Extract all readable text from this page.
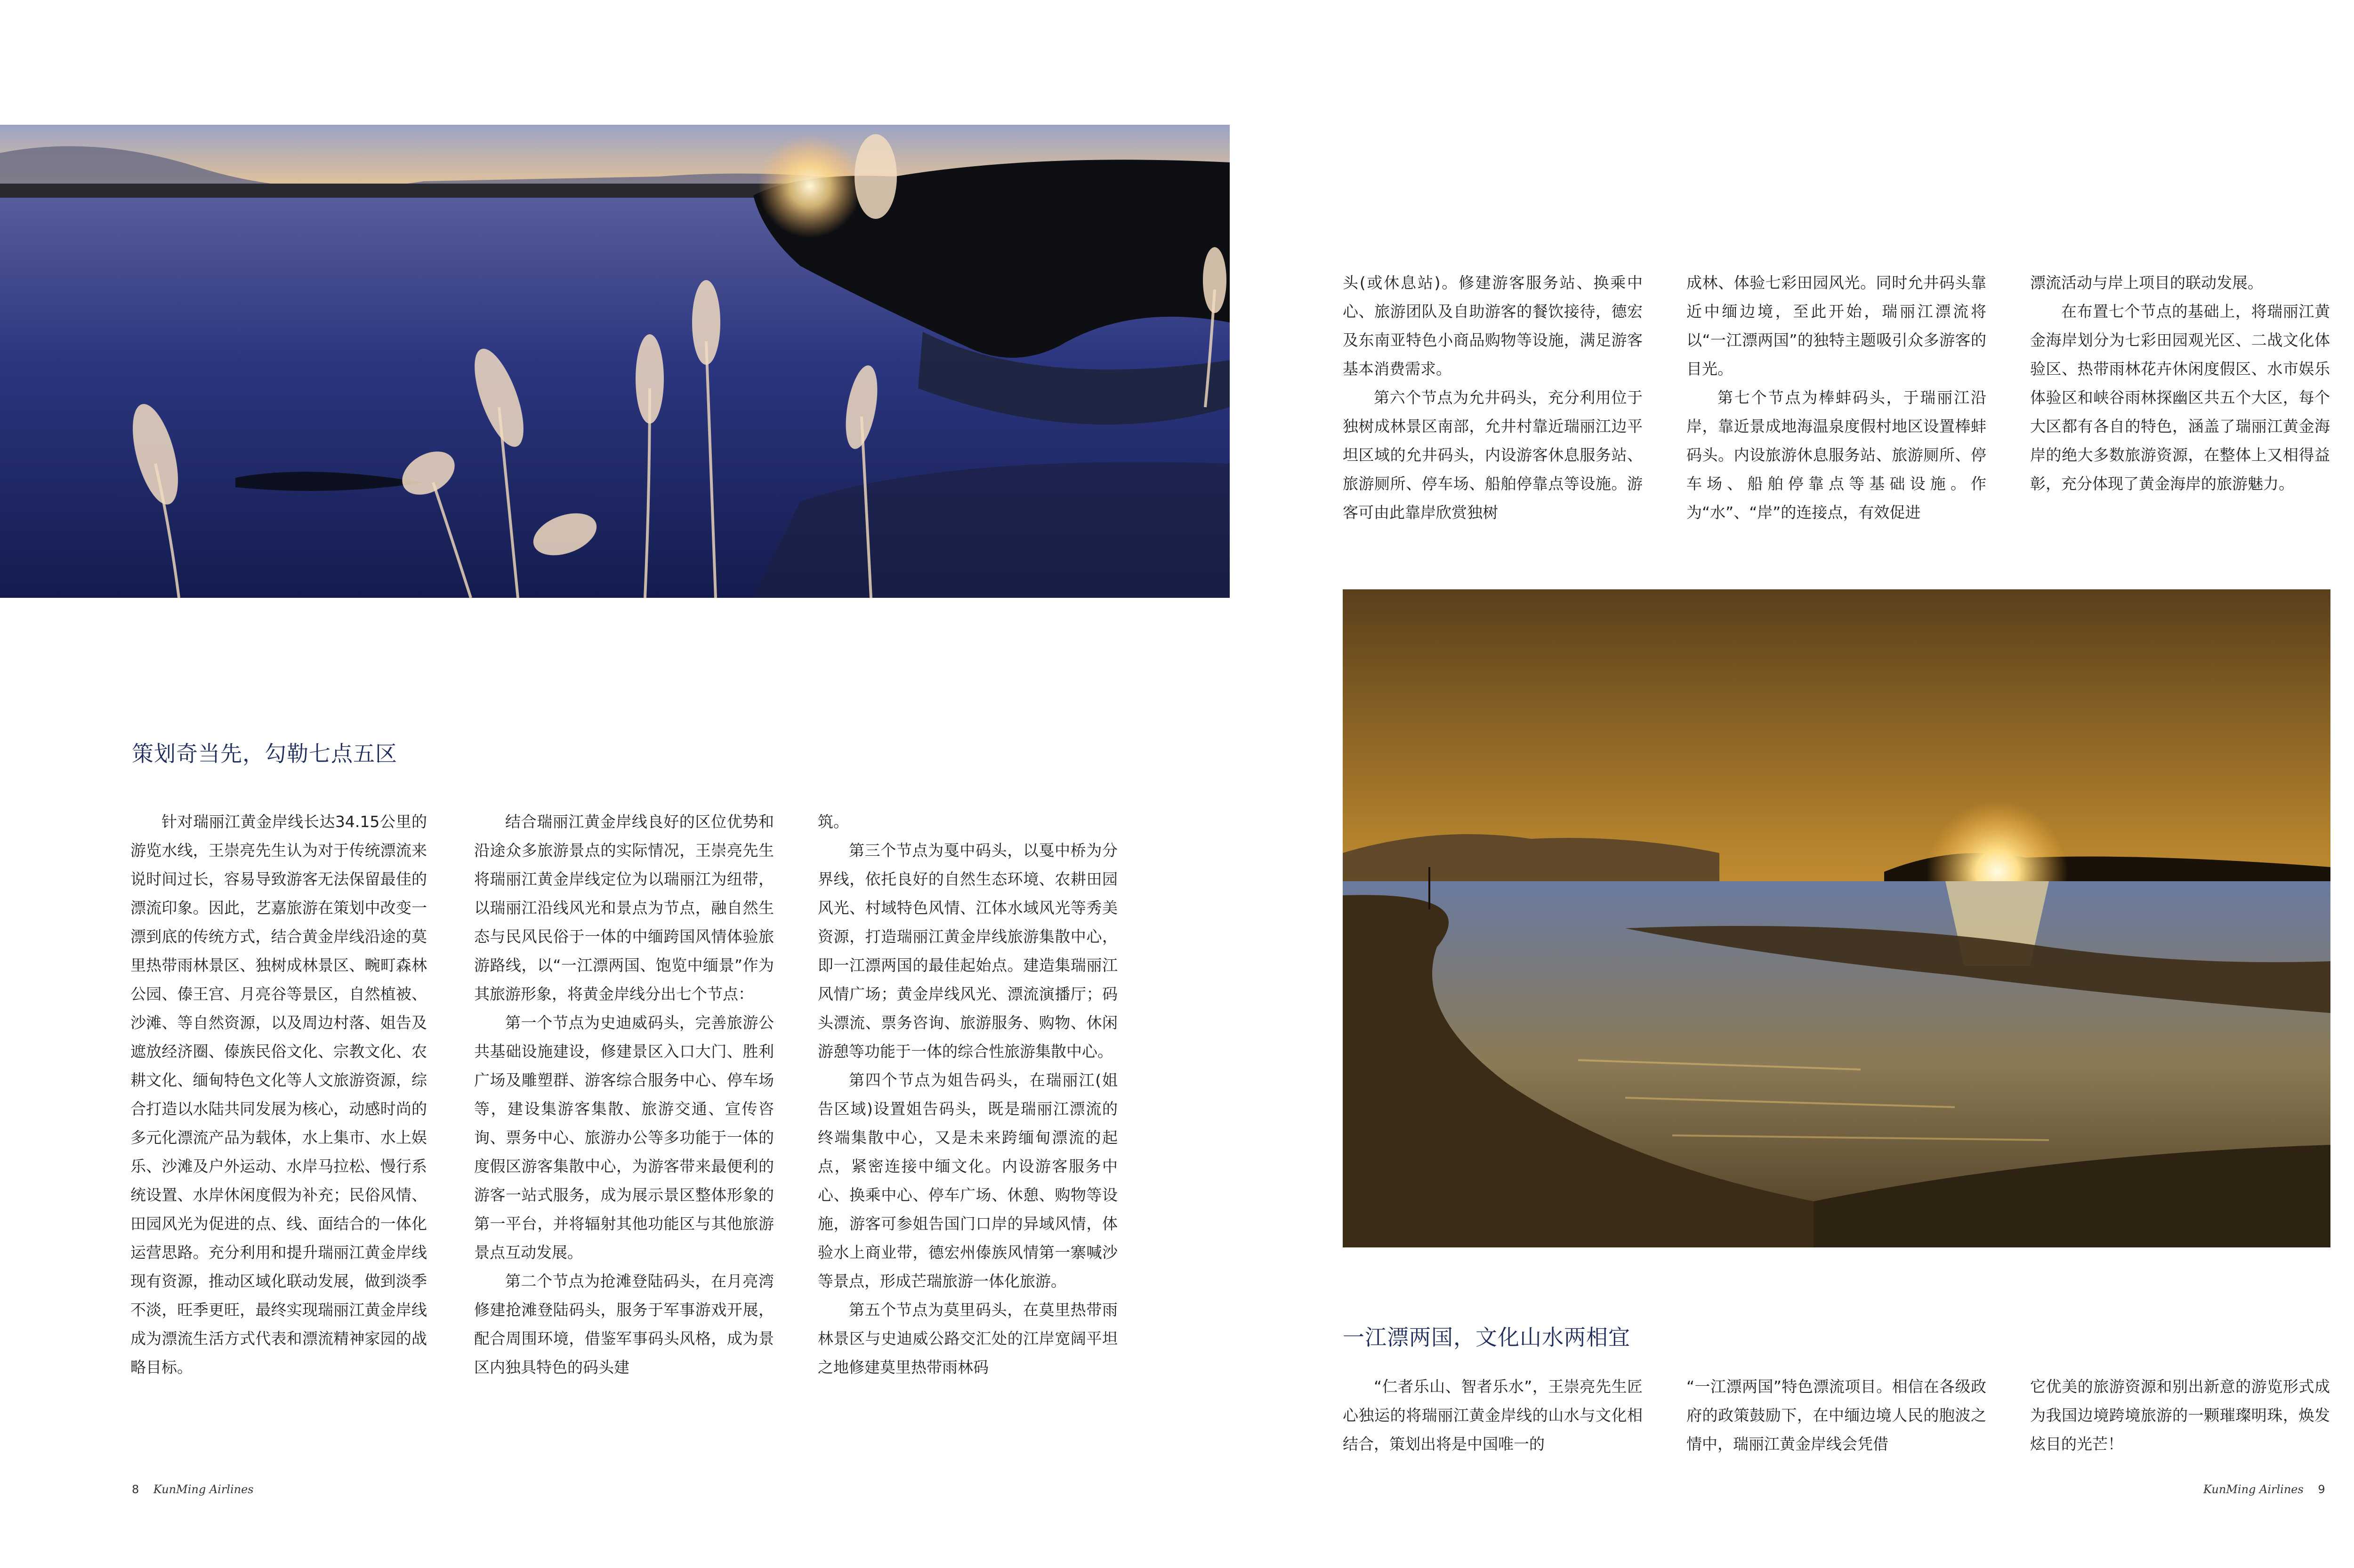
策划奇当先，勾勒七点五区

针对瑞丽江黄金岸线长达34.15公里的游览水线，王崇亮先生认为对于传统漂流来说时间过长，容易导致游客无法保留最佳的漂流印象。因此，艺嘉旅游在策划中改变一漂到底的传统方式，结合黄金岸线沿途的莫里热带雨林景区、独树成林景区、畹町森林公园、傣王宫、月亮谷等景区，自然植被、沙滩、等自然资源，以及周边村落、姐告及遮放经济圈、傣族民俗文化、宗教文化、农耕文化、缅甸特色文化等人文旅游资源，综合打造以水陆共同发展为核心，动感时尚的多元化漂流产品为载体，水上集市、水上娱乐、沙滩及户外运动、水岸马拉松、慢行系统设置、水岸休闲度假为补充；民俗风情、田园风光为促进的点、线、面结合的一体化运营思路。充分利用和提升瑞丽江黄金岸线现有资源，推动区域化联动发展，做到淡季不淡，旺季更旺，最终实现瑞丽江黄金岸线成为漂流生活方式代表和漂流精神家园的战略目标。

结合瑞丽江黄金岸线良好的区位优势和沿途众多旅游景点的实际情况，王崇亮先生将瑞丽江黄金岸线定位为以瑞丽江为纽带，以瑞丽江沿线风光和景点为节点，融自然生态与民风民俗于一体的中缅跨国风情体验旅游路线，以“一江漂两国、饱览中缅景”作为其旅游形象，将黄金岸线分出七个节点：

第一个节点为史迪威码头，完善旅游公共基础设施建设，修建景区入口大门、胜利广场及雕塑群、游客综合服务中心、停车场等，建设集游客集散、旅游交通、宣传咨询、票务中心、旅游办公等多功能于一体的度假区游客集散中心，为游客带来最便利的游客一站式服务，成为展示景区整体形象的第一平台，并将辐射其他功能区与其他旅游景点互动发展。

第二个节点为抢滩登陆码头，在月亮湾修建抢滩登陆码头，服务于军事游戏开展，配合周围环境，借鉴军事码头风格，成为景区内独具特色的码头建

筑。

第三个节点为戛中码头，以戛中桥为分界线，依托良好的自然生态环境、农耕田园风光、村域特色风情、江体水域风光等秀美资源，打造瑞丽江黄金岸线旅游集散中心，即一江漂两国的最佳起始点。建造集瑞丽江风情广场；黄金岸线风光、漂流演播厅；码头漂流、票务咨询、旅游服务、购物、休闲游憩等功能于一体的综合性旅游集散中心。

第四个节点为姐告码头，在瑞丽江(姐告区域)设置姐告码头，既是瑞丽江漂流的终端集散中心，又是未来跨缅甸漂流的起点，紧密连接中缅文化。内设游客服务中心、换乘中心、停车广场、休憩、购物等设施，游客可参姐告国门口岸的异域风情，体验水上商业带，德宏州傣族风情第一寨喊沙等景点，形成芒瑞旅游一体化旅游。

第五个节点为莫里码头，在莫里热带雨林景区与史迪威公路交汇处的江岸宽阔平坦之地修建莫里热带雨林码

8 KunMing Airlines

头(或休息站)。修建游客服务站、换乘中心、旅游团队及自助游客的餐饮接待，德宏及东南亚特色小商品购物等设施，满足游客基本消费需求。

第六个节点为允井码头，充分利用位于独树成林景区南部，允井村靠近瑞丽江边平坦区域的允井码头，内设游客休息服务站、旅游厕所、停车场、船舶停靠点等设施。游客可由此靠岸欣赏独树

成林、体验七彩田园风光。同时允井码头靠近中缅边境，至此开始，瑞丽江漂流将以“一江漂两国”的独特主题吸引众多游客的目光。

第七个节点为棒蚌码头，于瑞丽江沿岸，靠近景成地海温泉度假村地区设置棒蚌码头。内设旅游休息服务站、旅游厕所、停车场、船舶停靠点等基础设施。作为“水”、“岸”的连接点，有效促进

漂流活动与岸上项目的联动发展。

在布置七个节点的基础上，将瑞丽江黄金海岸划分为七彩田园观光区、二战文化体验区、热带雨林花卉休闲度假区、水市娱乐体验区和峡谷雨林探幽区共五个大区，每个大区都有各自的特色，涵盖了瑞丽江黄金海岸的绝大多数旅游资源，在整体上又相得益彰，充分体现了黄金海岸的旅游魅力。

一江漂两国，文化山水两相宜

“仁者乐山、智者乐水”，王崇亮先生匠心独运的将瑞丽江黄金岸线的山水与文化相结合，策划出将是中国唯一的

“一江漂两国”特色漂流项目。相信在各级政府的政策鼓励下，在中缅边境人民的胞波之情中，瑞丽江黄金岸线会凭借

它优美的旅游资源和别出新意的游览形式成为我国边境跨境旅游的一颗璀璨明珠，焕发炫目的光芒！

KunMing Airlines 9
